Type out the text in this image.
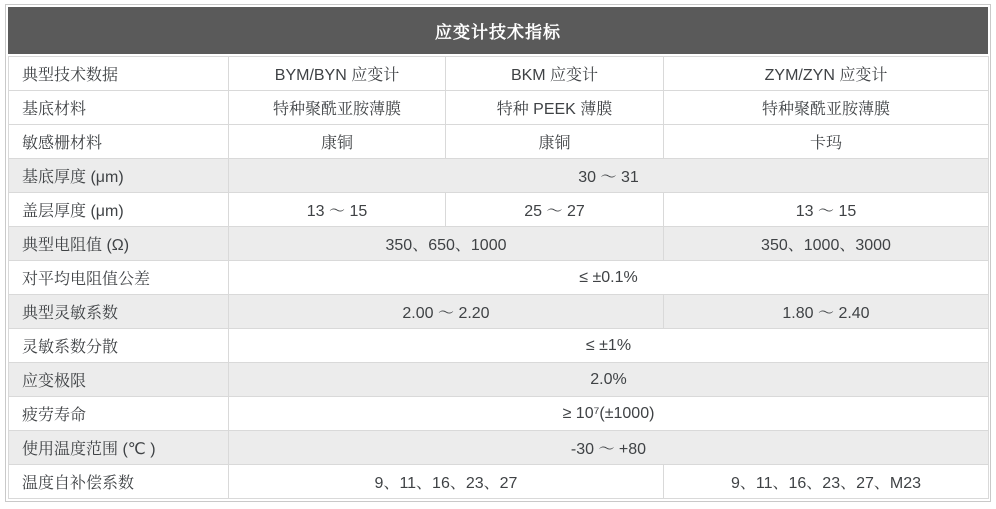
应变计技术指标
典型技术数据	BYM/BYN 应变计	BKM 应变计	ZYM/ZYN 应变计
基底材料	特种聚酰亚胺薄膜	特种 PEEK 薄膜	特种聚酰亚胺薄膜
敏感栅材料	康铜	康铜	卡玛
基底厚度 (μm)	30 ～ 31		
盖层厚度 (μm)	13 ～ 15	25 ～ 27	13 ～ 15
典型电阻值 (Ω)	350、650、1000		350、1000、3000
对平均电阻值公差	≤ ±0.1%		
典型灵敏系数	2.00 ～ 2.20		1.80 ～ 2.40
灵敏系数分散	≤ ±1%		
应变极限	2.0%		
疲劳寿命	≥ 10⁷(±1000)		
使用温度范围 (℃ )	-30 ～ +80		
温度自补偿系数	9、11、16、23、27		9、11、16、23、27、M23
